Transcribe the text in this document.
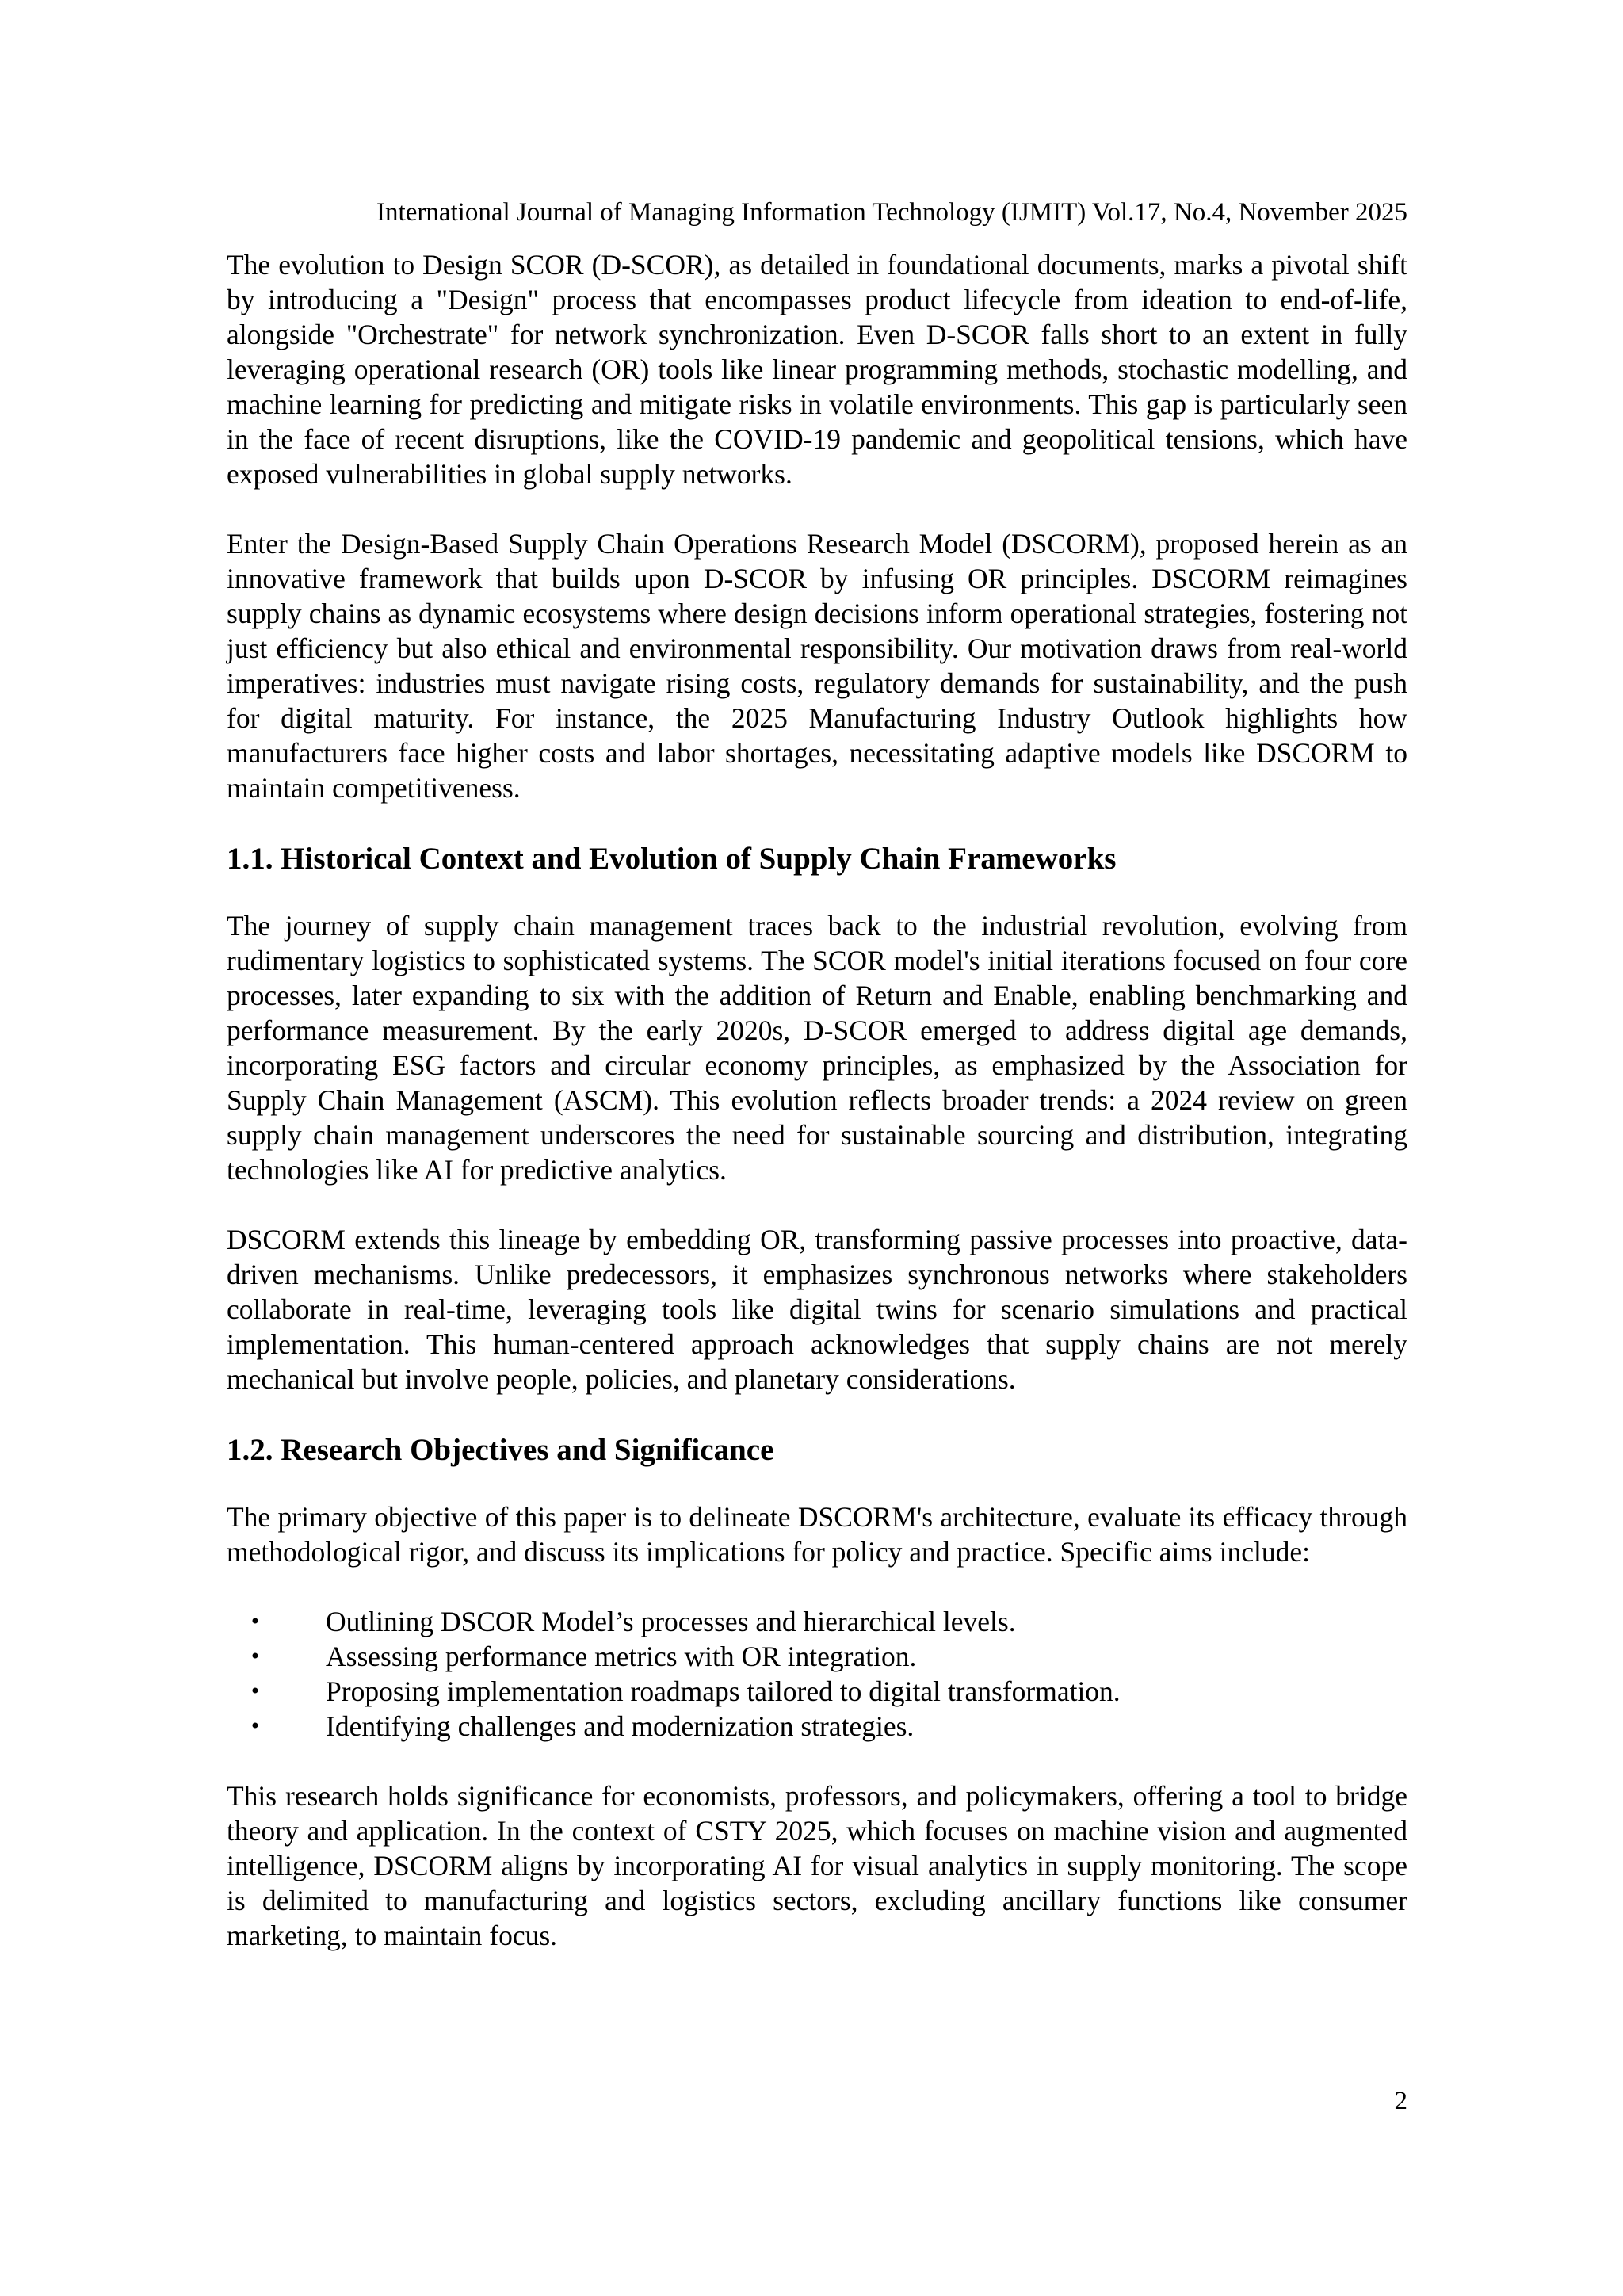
International Journal of Managing Information Technology (IJMIT) Vol.17, No.4, November 2025

The evolution to Design SCOR (D-SCOR), as detailed in foundational documents, marks a pivotal shift by introducing a "Design" process that encompasses product lifecycle from ideation to end-of-life, alongside "Orchestrate" for network synchronization. Even D-SCOR falls short to an extent in fully leveraging operational research (OR) tools like linear programming methods, stochastic modelling, and machine learning for predicting and mitigate risks in volatile environments. This gap is particularly seen in the face of recent disruptions, like the COVID-19 pandemic and geopolitical tensions, which have exposed vulnerabilities in global supply networks.

Enter the Design-Based Supply Chain Operations Research Model (DSCORM), proposed herein as an innovative framework that builds upon D-SCOR by infusing OR principles. DSCORM reimagines supply chains as dynamic ecosystems where design decisions inform operational strategies, fostering not just efficiency but also ethical and environmental responsibility. Our motivation draws from real-world imperatives: industries must navigate rising costs, regulatory demands for sustainability, and the push for digital maturity. For instance, the 2025 Manufacturing Industry Outlook highlights how manufacturers face higher costs and labor shortages, necessitating adaptive models like DSCORM to maintain competitiveness.

1.1. Historical Context and Evolution of Supply Chain Frameworks

The journey of supply chain management traces back to the industrial revolution, evolving from rudimentary logistics to sophisticated systems. The SCOR model's initial iterations focused on four core processes, later expanding to six with the addition of Return and Enable, enabling benchmarking and performance measurement. By the early 2020s, D-SCOR emerged to address digital age demands, incorporating ESG factors and circular economy principles, as emphasized by the Association for Supply Chain Management (ASCM). This evolution reflects broader trends: a 2024 review on green supply chain management underscores the need for sustainable sourcing and distribution, integrating technologies like AI for predictive analytics.

DSCORM extends this lineage by embedding OR, transforming passive processes into proactive, data-driven mechanisms. Unlike predecessors, it emphasizes synchronous networks where stakeholders collaborate in real-time, leveraging tools like digital twins for scenario simulations and practical implementation. This human-centered approach acknowledges that supply chains are not merely mechanical but involve people, policies, and planetary considerations.

1.2. Research Objectives and Significance

The primary objective of this paper is to delineate DSCORM's architecture, evaluate its efficacy through methodological rigor, and discuss its implications for policy and practice. Specific aims include:

•	Outlining DSCOR Model’s processes and hierarchical levels.
•	Assessing performance metrics with OR integration.
•	Proposing implementation roadmaps tailored to digital transformation.
•	Identifying challenges and modernization strategies.

This research holds significance for economists, professors, and policymakers, offering a tool to bridge theory and application. In the context of CSTY 2025, which focuses on machine vision and augmented intelligence, DSCORM aligns by incorporating AI for visual analytics in supply monitoring. The scope is delimited to manufacturing and logistics sectors, excluding ancillary functions like consumer marketing, to maintain focus.

2
